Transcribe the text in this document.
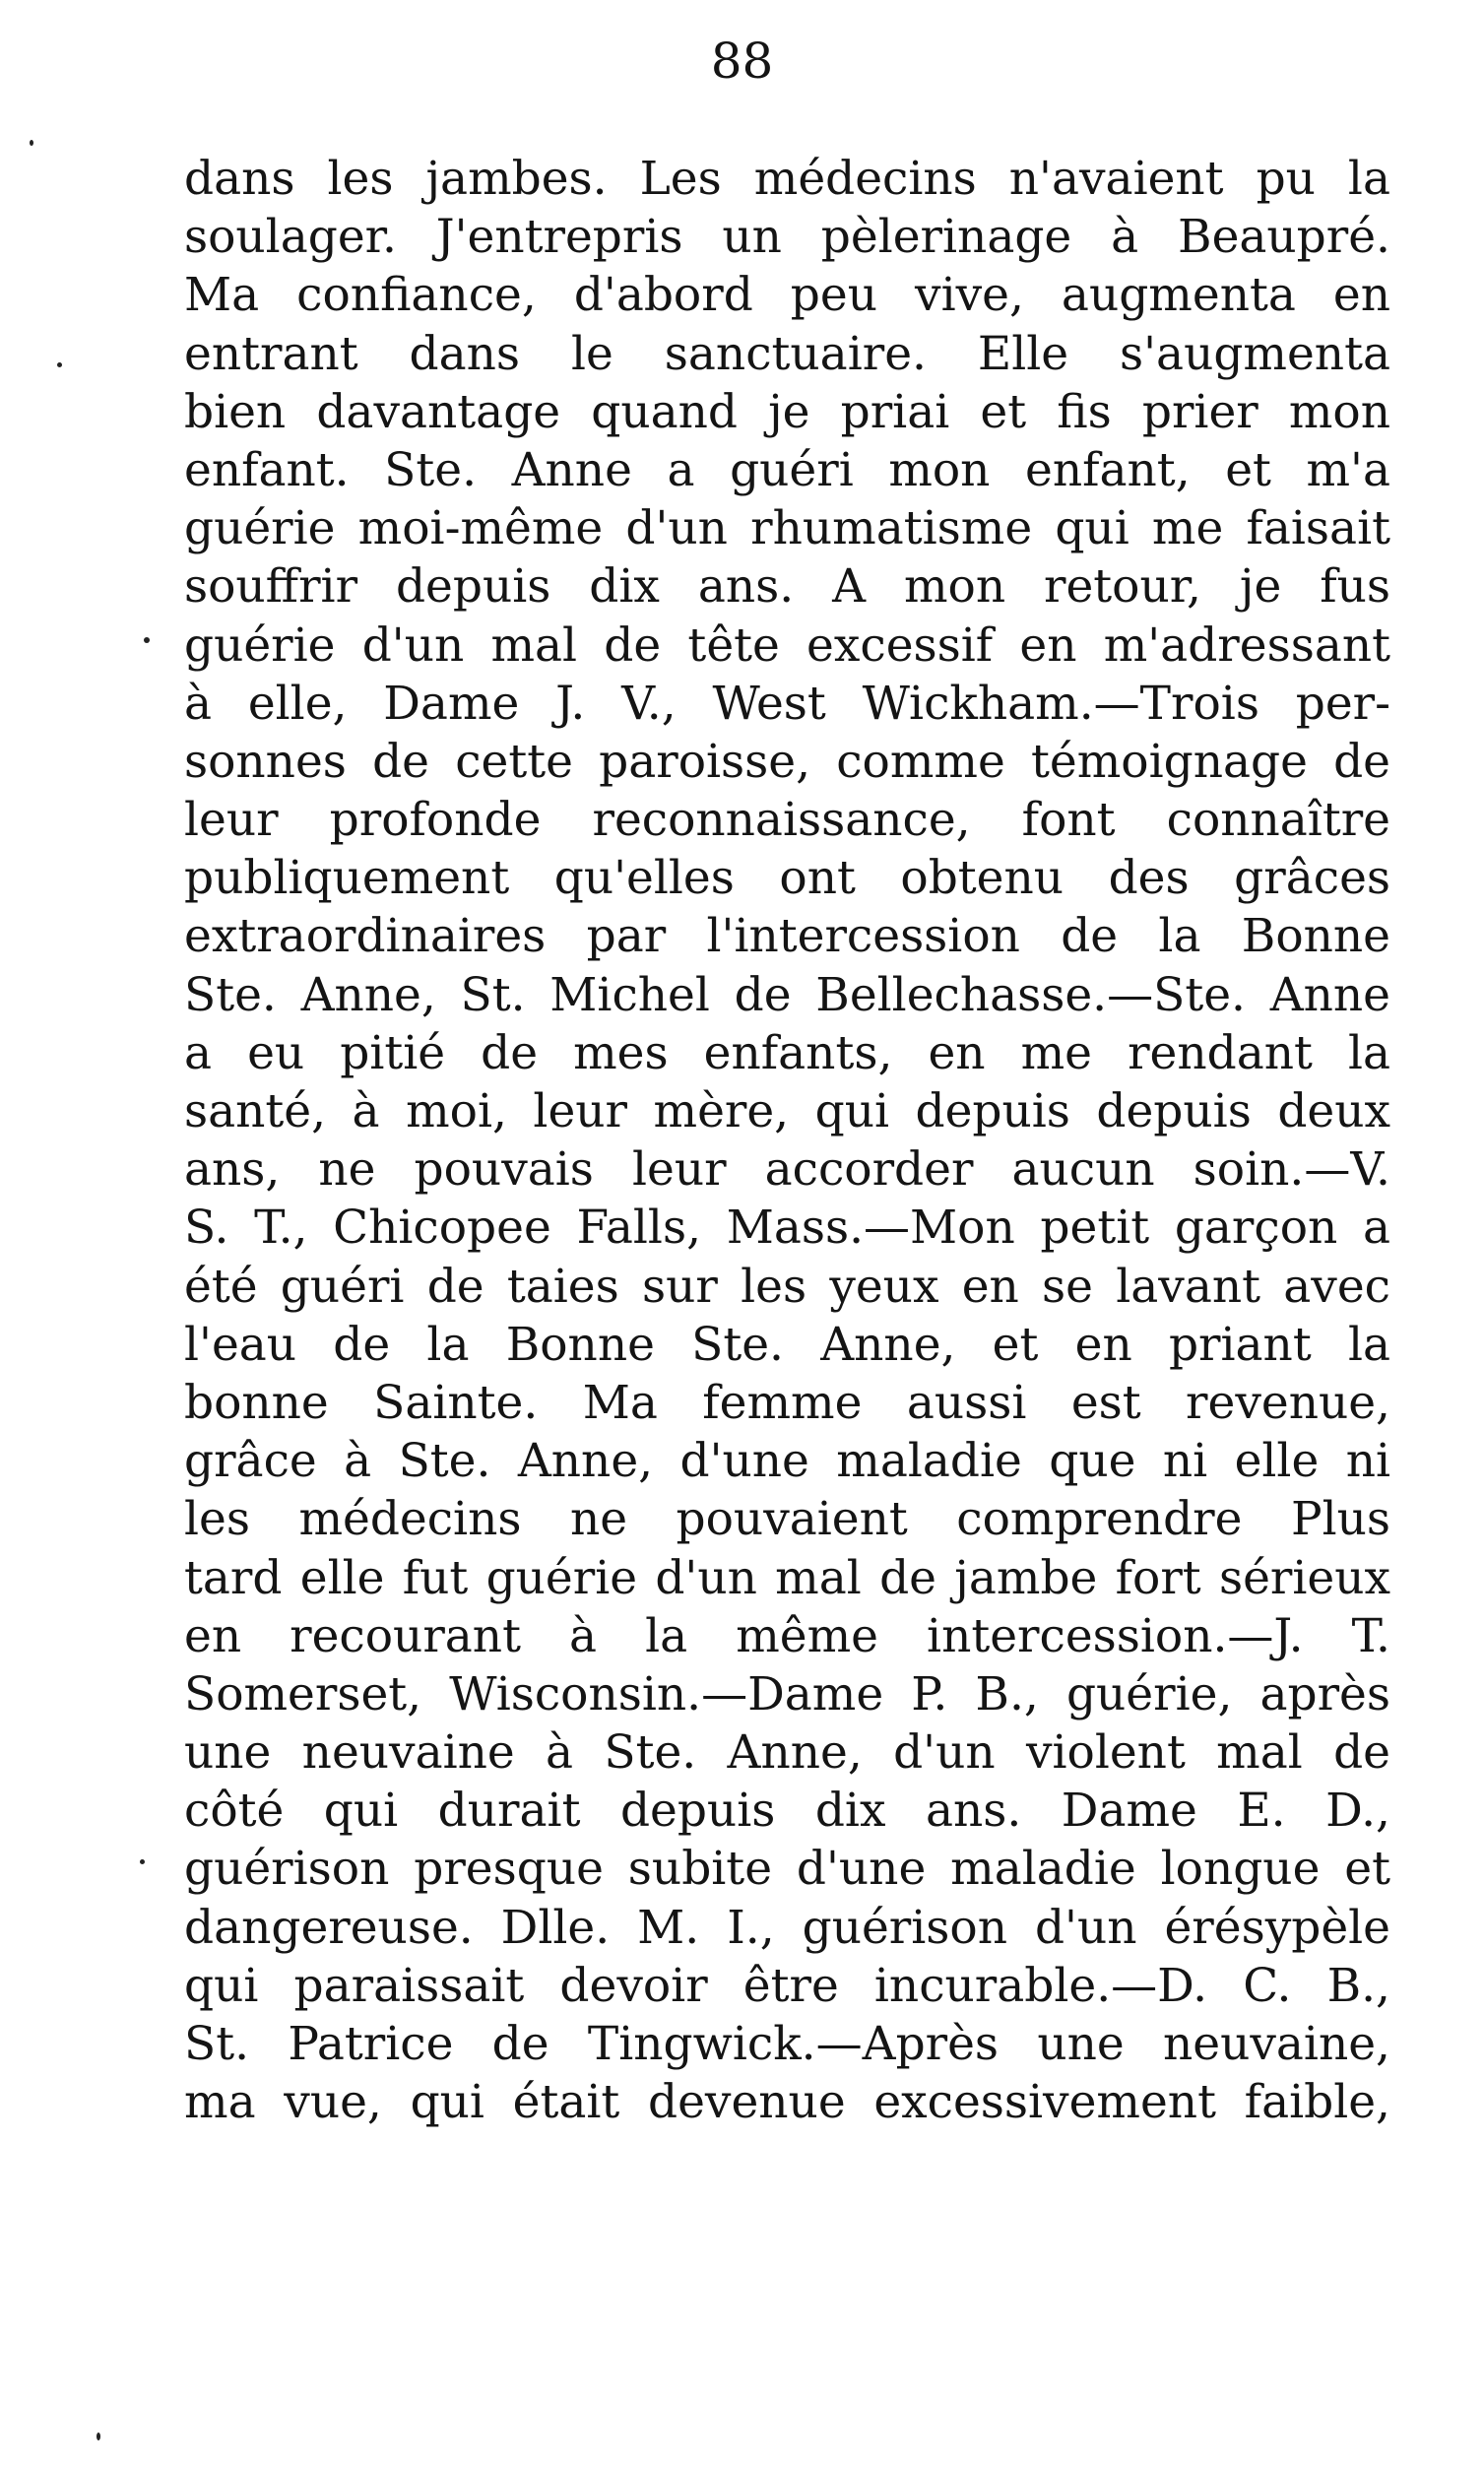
88
dans les jambes. Les médecins n'avaient pu la
soulager. J'entrepris un pèlerinage à Beaupré.
Ma confiance, d'abord peu vive, augmenta en
entrant dans le sanctuaire. Elle s'augmenta
bien davantage quand je priai et fis prier mon
enfant. Ste. Anne a guéri mon enfant, et m'a
guérie moi-même d'un rhumatisme qui me faisait
souffrir depuis dix ans. A mon retour, je fus
guérie d'un mal de tête excessif en m'adressant
à elle, Dame J. V., West Wickham.—Trois per-
sonnes de cette paroisse, comme témoignage de
leur profonde reconnaissance, font connaître
publiquement qu'elles ont obtenu des grâces
extraordinaires par l'intercession de la Bonne
Ste. Anne, St. Michel de Bellechasse.—Ste. Anne
a eu pitié de mes enfants, en me rendant la
santé, à moi, leur mère, qui depuis depuis deux
ans, ne pouvais leur accorder aucun soin.—V.
S. T., Chicopee Falls, Mass.—Mon petit garçon a
été guéri de taies sur les yeux en se lavant avec
l'eau de la Bonne Ste. Anne, et en priant la
bonne Sainte. Ma femme aussi est revenue,
grâce à Ste. Anne, d'une maladie que ni elle ni
les médecins ne pouvaient comprendre Plus
tard elle fut guérie d'un mal de jambe fort sérieux
en recourant à la même intercession.—J. T.
Somerset, Wisconsin.—Dame P. B., guérie, après
une neuvaine à Ste. Anne, d'un violent mal de
côté qui durait depuis dix ans. Dame E. D.,
guérison presque subite d'une maladie longue et
dangereuse. Dlle. M. I., guérison d'un érésypèle
qui paraissait devoir être incurable.—D. C. B.,
St. Patrice de Tingwick.—Après une neuvaine,
ma vue, qui était devenue excessivement faible,
